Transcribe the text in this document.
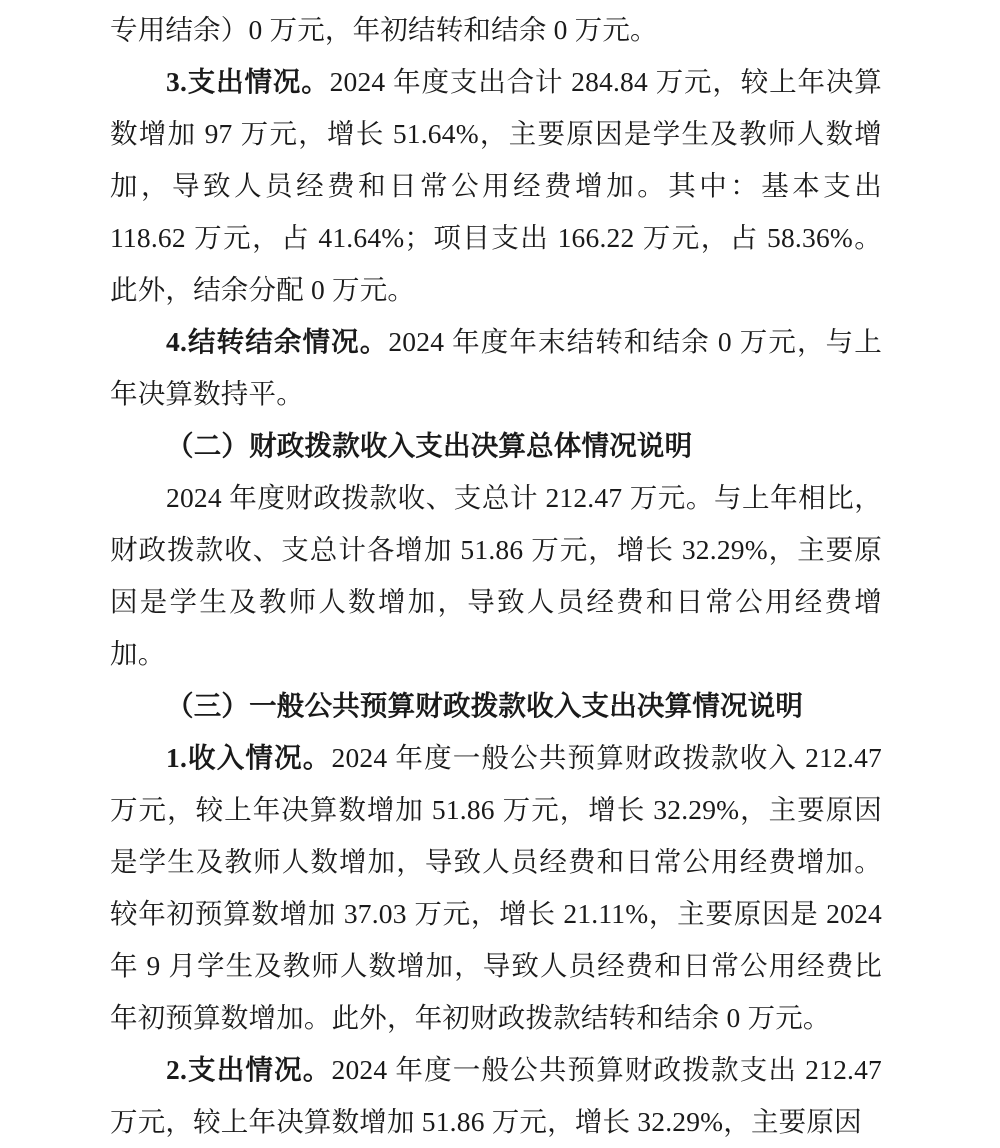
专用结余）0 万元，年初结转和结余 0 万元。

3.支出情况。2024 年度支出合计 284.84 万元，较上年决算数增加 97 万元，增长 51.64%，主要原因是学生及教师人数增加，导致人员经费和日常公用经费增加。其中：基本支出 118.62 万元，占 41.64%；项目支出 166.22 万元，占 58.36%。此外，结余分配 0 万元。

4.结转结余情况。2024 年度年末结转和结余 0 万元，与上年决算数持平。

（二）财政拨款收入支出决算总体情况说明

2024 年度财政拨款收、支总计 212.47 万元。与上年相比，财政拨款收、支总计各增加 51.86 万元，增长 32.29%，主要原因是学生及教师人数增加，导致人员经费和日常公用经费增加。

（三）一般公共预算财政拨款收入支出决算情况说明

1.收入情况。2024 年度一般公共预算财政拨款收入 212.47 万元，较上年决算数增加 51.86 万元，增长 32.29%，主要原因是学生及教师人数增加，导致人员经费和日常公用经费增加。较年初预算数增加 37.03 万元，增长 21.11%，主要原因是 2024 年 9 月学生及教师人数增加，导致人员经费和日常公用经费比年初预算数增加。此外，年初财政拨款结转和结余 0 万元。

2.支出情况。2024 年度一般公共预算财政拨款支出 212.47 万元，较上年决算数增加 51.86 万元，增长 32.29%，主要原因
